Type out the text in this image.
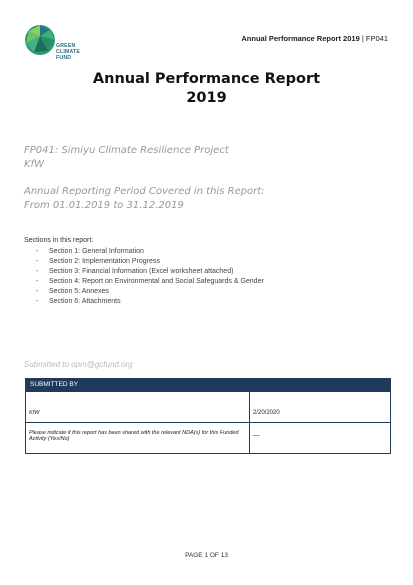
GREEN
CLIMATE
FUND
Annual Performance Report 2019 | FP041
Annual Performance Report
2019
FP041: Simiyu Climate Resilience Project
KfW
Annual Reporting Period Covered in this Report:
From 01.01.2019 to 31.12.2019
Sections in this report:
- Section 1: General Information
- Section 2: Implementation Progress
- Section 3: Financial Information (Excel worksheet attached)
- Section 4: Report on Environmental and Social Safeguards & Gender
- Section 5: Annexes
- Section 6: Attachments
Submitted to opm@gcfund.org
SUBMITTED BY
KfW	2/20/2020
Please indicate if this report has been shared with the relevant NDA(s) for this Funded Activity (Yes/No)
__
PAGE 1 OF 13
